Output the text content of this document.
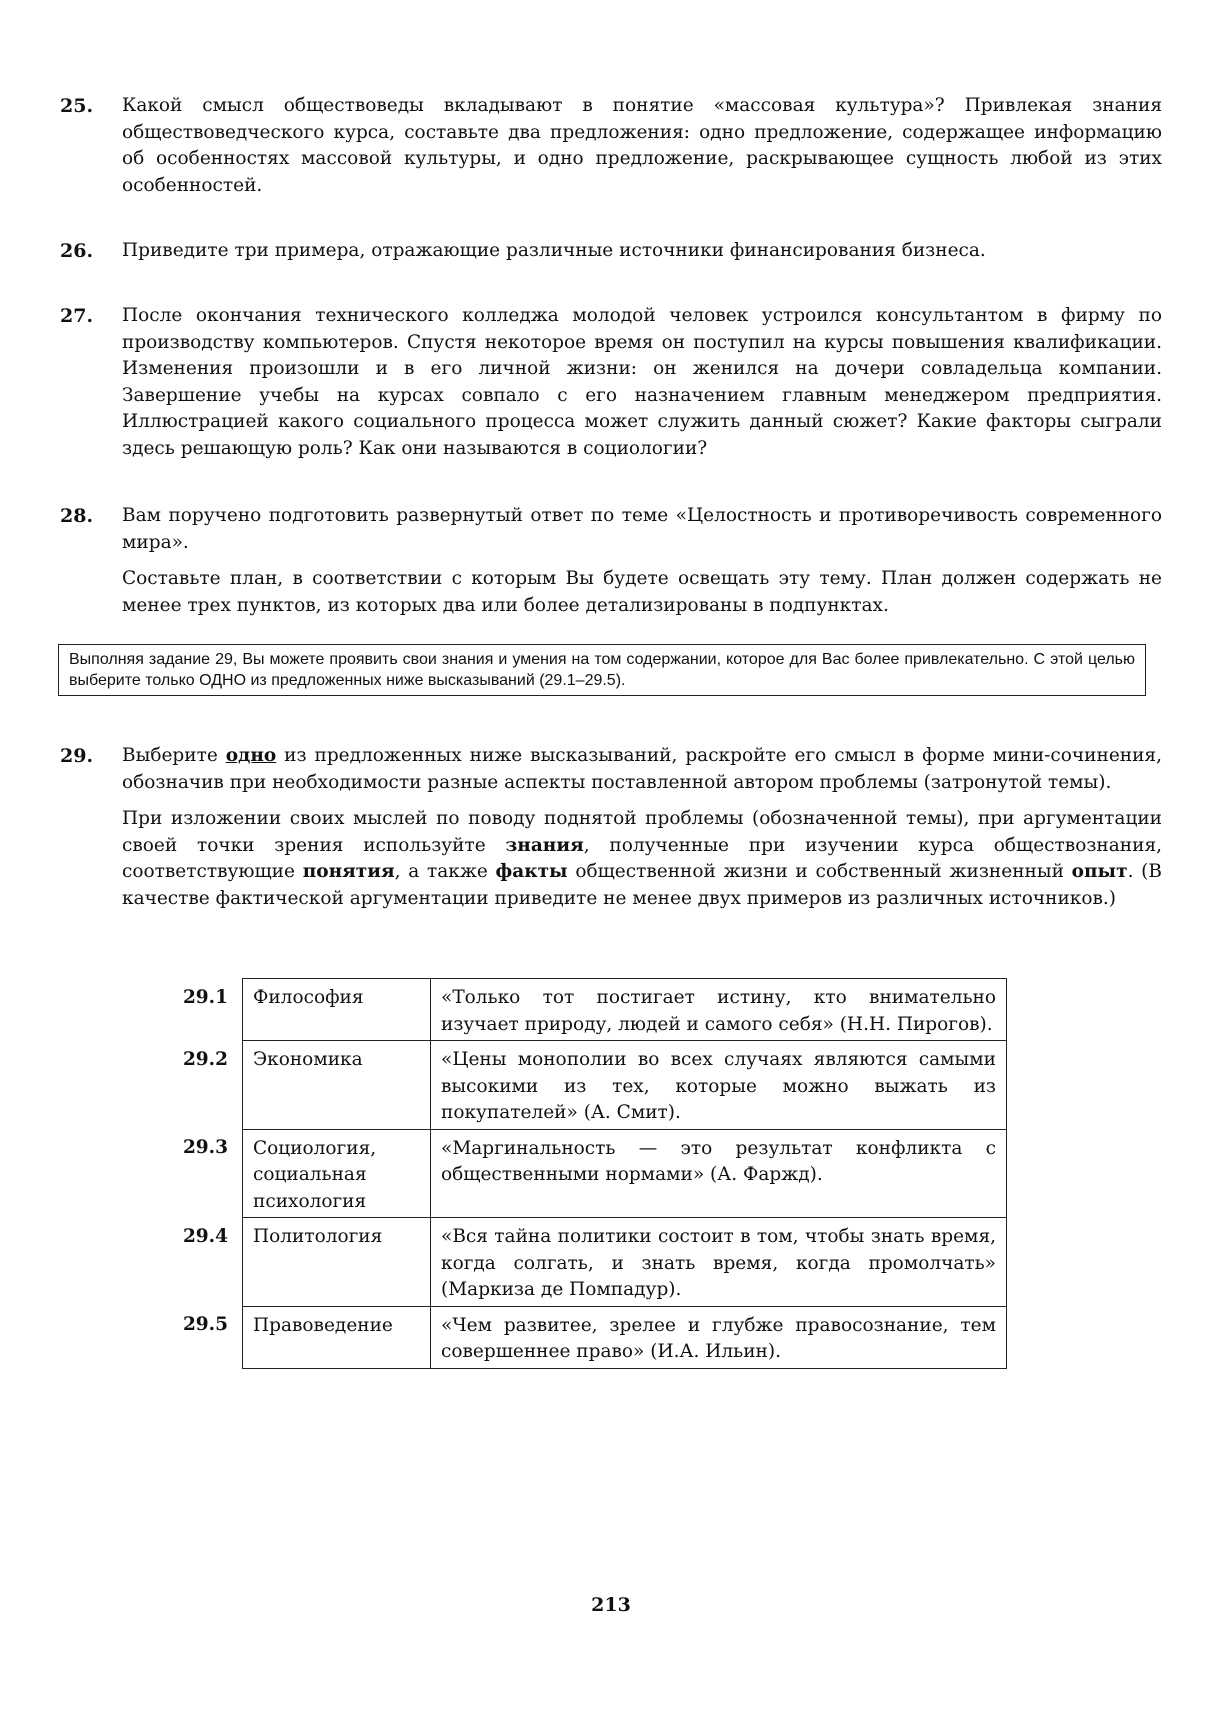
25.	Какой смысл обществоведы вкладывают в понятие «массовая культура»? Привлекая знания обществоведческого курса, составьте два предложения: одно предложение, содержащее информацию об особенностях массовой культуры, и одно предложение, раскрывающее сущность любой из этих особенностей.

26.	Приведите три примера, отражающие различные источники финансирования бизнеса.

27.	После окончания технического колледжа молодой человек устроился консультантом в фирму по производству компьютеров. Спустя некоторое время он поступил на курсы повышения квалификации. Изменения произошли и в его личной жизни: он женился на дочери совладельца компании. Завершение учебы на курсах совпало с его назначением главным менеджером предприятия. Иллюстрацией какого социального процесса может служить данный сюжет? Какие факторы сыграли здесь решающую роль? Как они называются в социологии?

28.	Вам поручено подготовить развернутый ответ по теме «Целостность и противоречивость современного мира».

Составьте план, в соответствии с которым Вы будете освещать эту тему. План должен содержать не менее трех пунктов, из которых два или более детализированы в подпунктах.

Выполняя задание 29, Вы можете проявить свои знания и умения на том содержании, которое для Вас более привлекательно. С этой целью выберите только ОДНО из предложенных ниже высказываний (29.1–29.5).
29.	Выберите одно из предложенных ниже высказываний, раскройте его смысл в форме мини-сочинения, обозначив при необходимости разные аспекты поставленной автором проблемы (затронутой темы).

При изложении своих мыслей по поводу поднятой проблемы (обозначенной темы), при аргументации своей точки зрения используйте знания, полученные при изучении курса обществознания, соответствующие понятия, а также факты общественной жизни и собственный жизненный опыт. (В качестве фактической аргументации приведите не менее двух примеров из различных источников.)

29.1	Философия	«Только тот постигает истину, кто внимательно изучает природу, людей и самого себя» (Н.Н. Пирогов).
29.2	Экономика	«Цены монополии во всех случаях являются самыми высокими из тех, которые можно выжать из покупателей» (А. Смит).
29.3	Социология, социальная психология	«Маргинальность — это результат конфликта с общественными нормами» (А. Фаржд).
29.4	Политология	«Вся тайна политики состоит в том, чтобы знать время, когда солгать, и знать время, когда промолчать» (Маркиза де Помпадур).
29.5	Правоведение	«Чем развитее, зрелее и глубже правосознание, тем совершеннее право» (И.А. Ильин).
213
